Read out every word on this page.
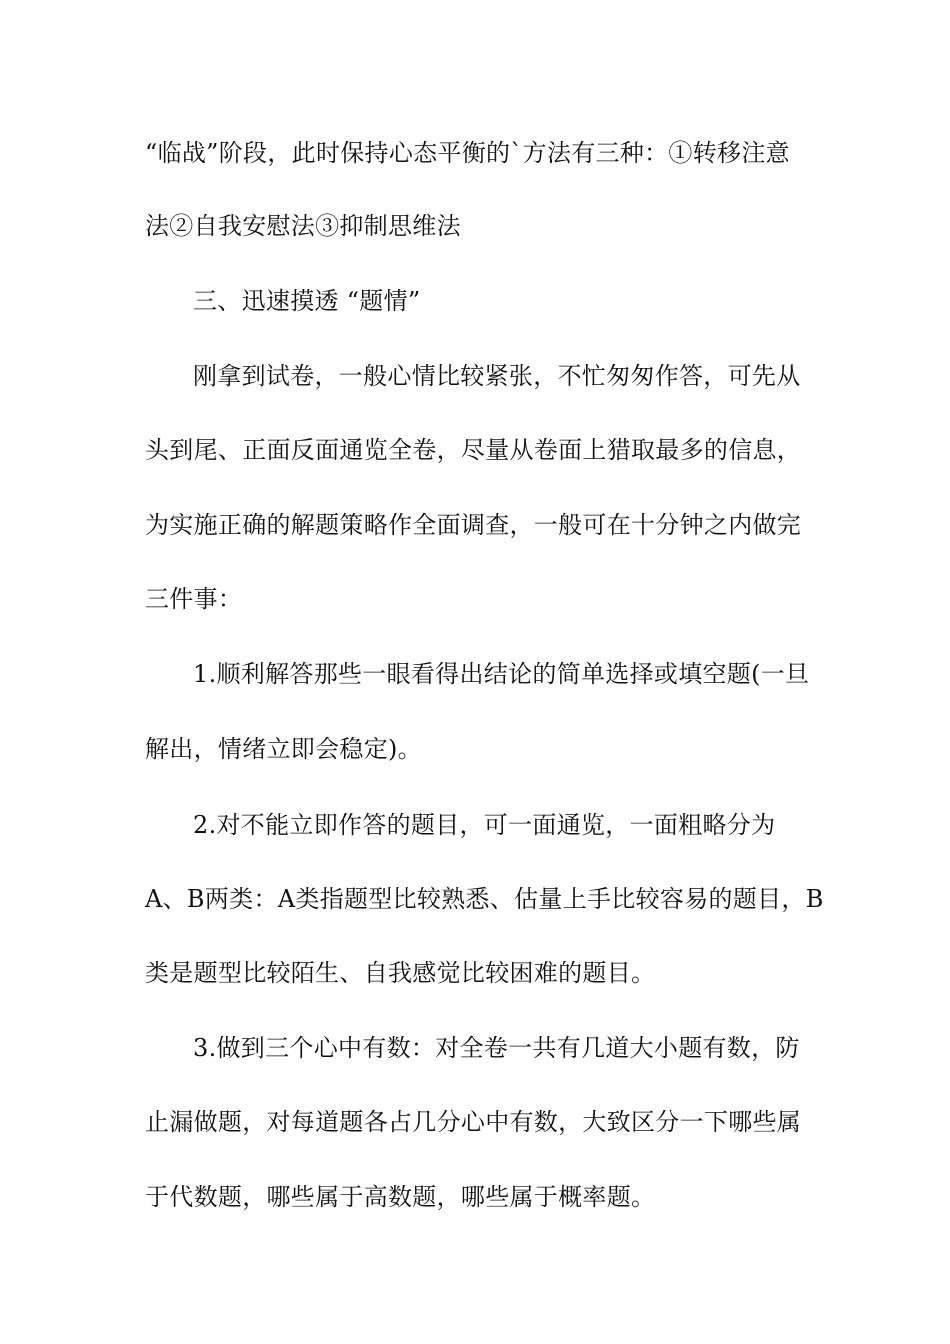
“临战”阶段，此时保持心态平衡的`方法有三种：①转移注意
法②自我安慰法③抑制思维法
三、迅速摸透 “题情”
刚拿到试卷，一般心情比较紧张，不忙匆匆作答，可先从
头到尾、正面反面通览全卷，尽量从卷面上猎取最多的信息，
为实施正确的解题策略作全面调查，一般可在十分钟之内做完
三件事：
1.顺利解答那些一眼看得出结论的简单选择或填空题(一旦
解出，情绪立即会稳定)。
2.对不能立即作答的题目，可一面通览，一面粗略分为
A、B两类：A类指题型比较熟悉、估量上手比较容易的题目，B
类是题型比较陌生、自我感觉比较困难的题目。
3.做到三个心中有数：对全卷一共有几道大小题有数，防
止漏做题，对每道题各占几分心中有数，大致区分一下哪些属
于代数题，哪些属于高数题，哪些属于概率题。
